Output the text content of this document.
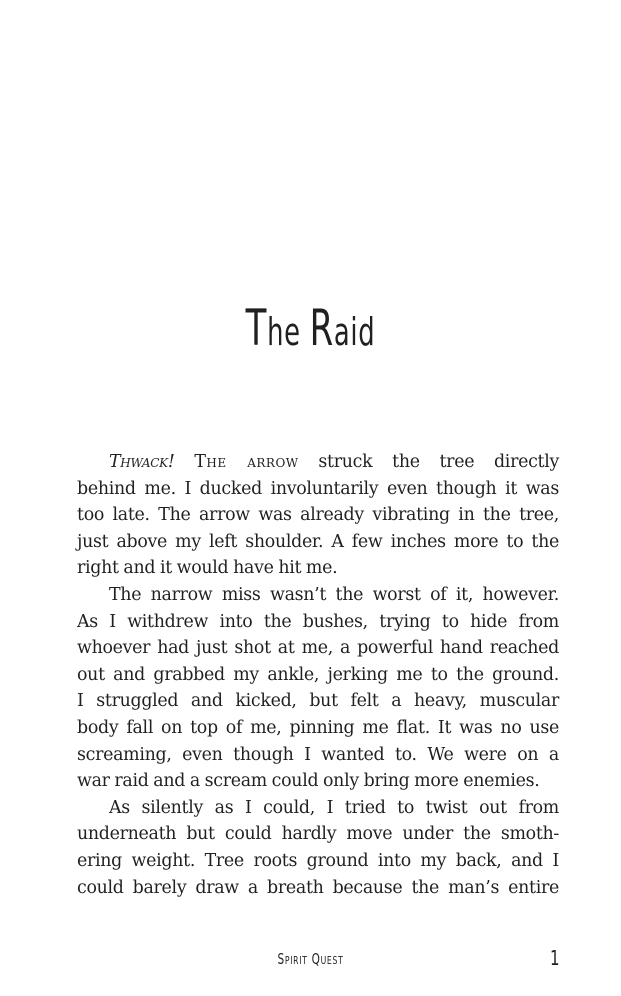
The Raid
Thwack! The arrow struck the tree directly
behind me. I ducked involuntarily even though it was
too late. The arrow was already vibrating in the tree,
just above my left shoulder. A few inches more to the
right and it would have hit me.
The narrow miss wasn’t the worst of it, however.
As I withdrew into the bushes, trying to hide from
whoever had just shot at me, a powerful hand reached
out and grabbed my ankle, jerking me to the ground.
I struggled and kicked, but felt a heavy, muscular
body fall on top of me, pinning me flat. It was no use
screaming, even though I wanted to. We were on a
war raid and a scream could only bring more enemies.
As silently as I could, I tried to twist out from
underneath but could hardly move under the smoth-
ering weight. Tree roots ground into my back, and I
could barely draw a breath because the man’s entire
Spirit Quest	1
